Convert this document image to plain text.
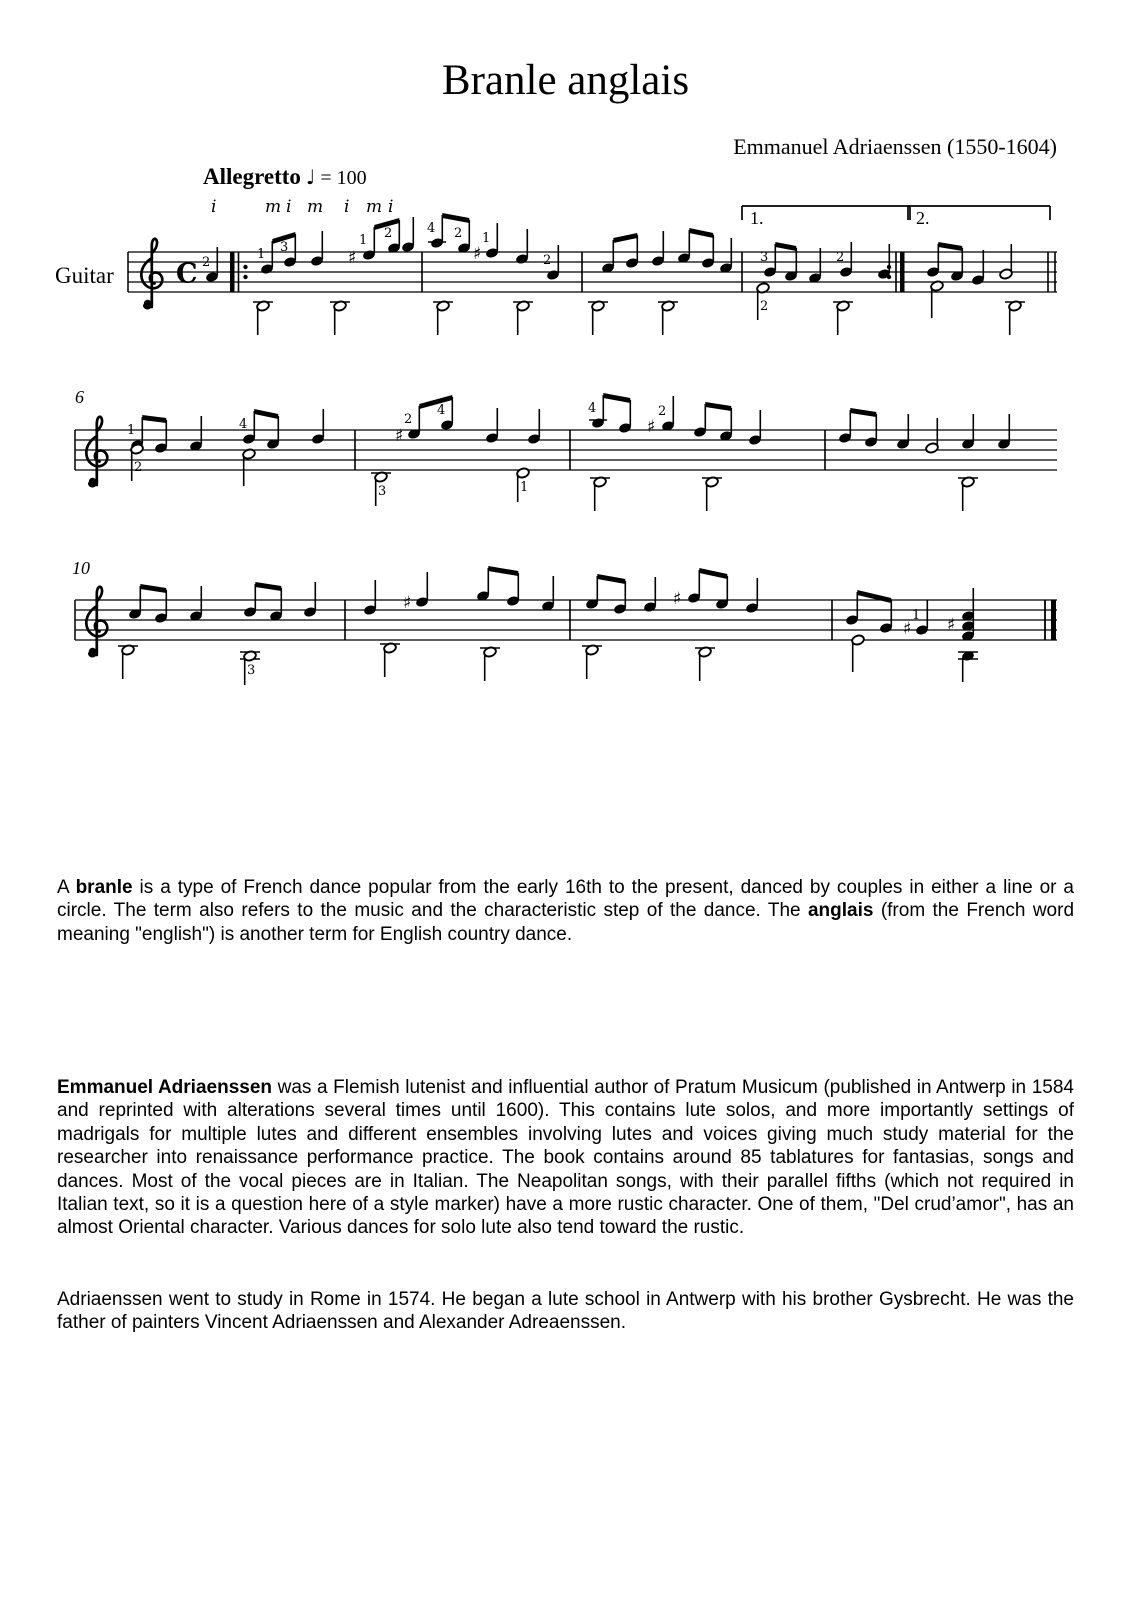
Branle anglais
Emmanuel Adriaenssen (1550-1604)
Allegretto ♩ = 100
Guitar C
i	m i m i m i
2
1 3
♯
1 2	4 2
♯
1
2
1.
3	2
2
2.
6
1	4
2
♯
2
4
3	1
4
♯
2
10
3
♯	♯
♯
1 ♯
A branle is a type of French dance popular from the early 16th to the present, danced by couples in either a line or a circle. The term also refers to the music and the characteristic step of the dance. The anglais (from the French word meaning "english") is another term for English country dance.
Emmanuel Adriaenssen was a Flemish lutenist and influential author of Pratum Musicum (published in Antwerp in 1584 and reprinted with alterations several times until 1600). This contains lute solos, and more importantly settings of madrigals for multiple lutes and different ensembles involving lutes and voices giving much study material for the researcher into renaissance performance practice. The book contains around 85 tablatures for fantasias, songs and dances. Most of the vocal pieces are in Italian. The Neapolitan songs, with their parallel fifths (which not required in Italian text, so it is a question here of a style marker) have a more rustic character. One of them, "Del crud’amor", has an almost Oriental character. Various dances for solo lute also tend toward the rustic.
Adriaenssen went to study in Rome in 1574. He began a lute school in Antwerp with his brother Gysbrecht. He was the father of painters Vincent Adriaenssen and Alexander Adreaenssen.
